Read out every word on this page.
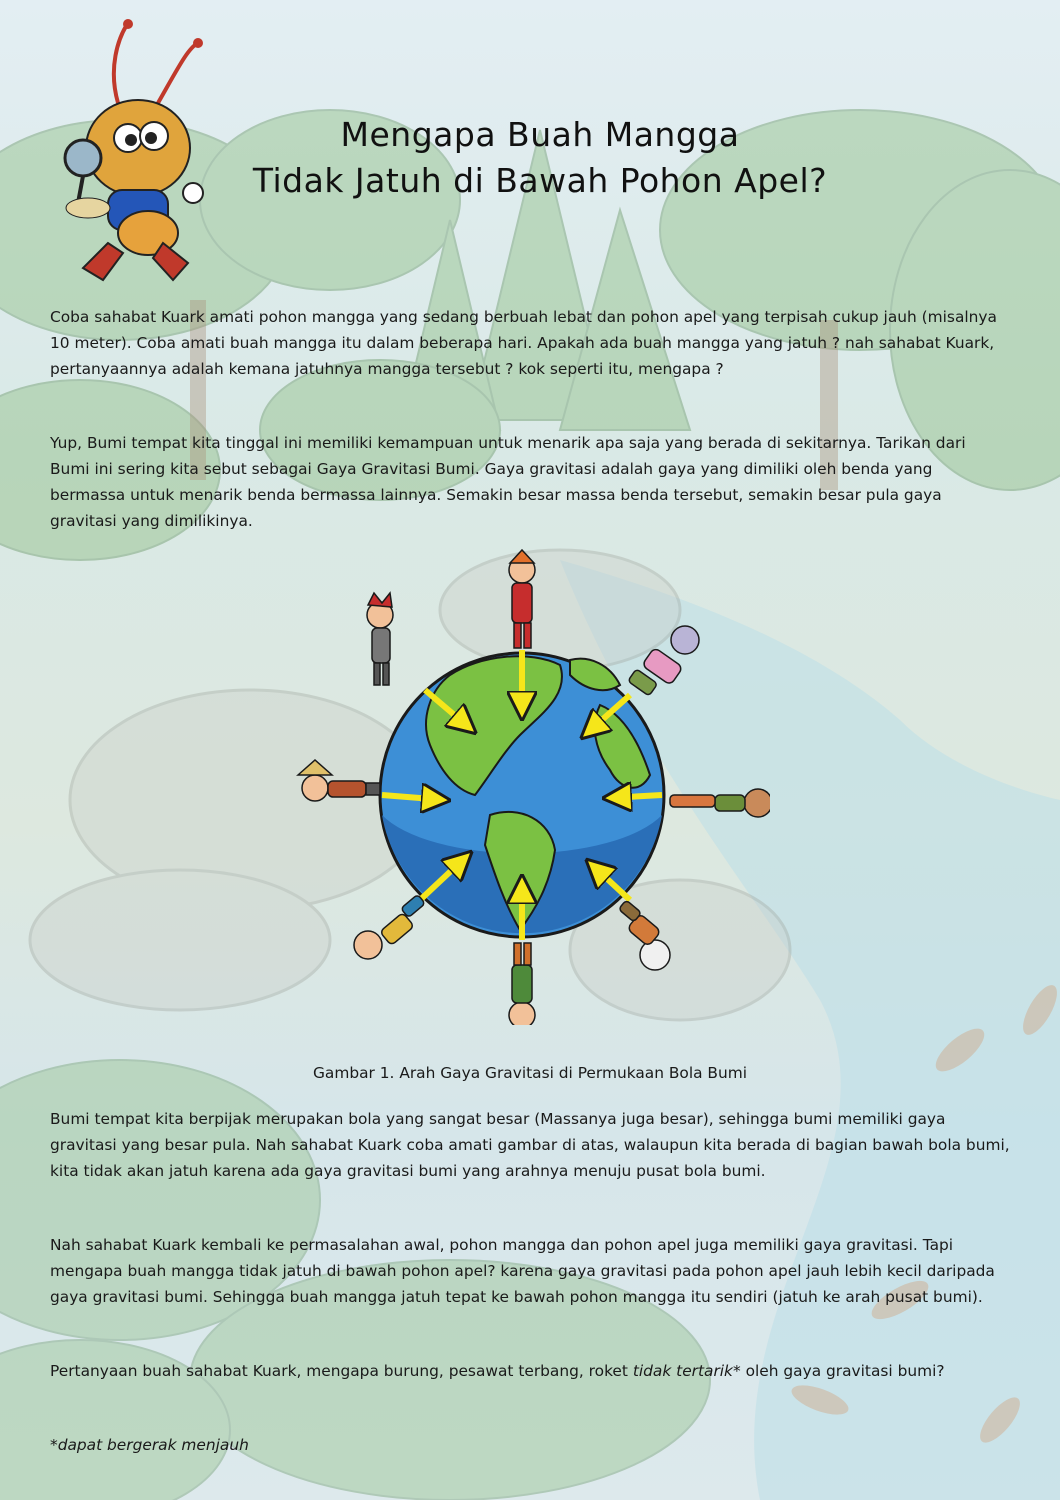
Mengapa Buah Mangga
Tidak Jatuh di Bawah Pohon Apel?

Coba sahabat Kuark amati pohon mangga yang sedang berbuah lebat dan pohon apel yang terpisah cukup jauh (misalnya 10 meter). Coba amati buah mangga itu dalam beberapa hari. Apakah ada buah mangga yang jatuh ? nah sahabat Kuark, pertanyaannya adalah kemana jatuhnya mangga tersebut ? kok seperti itu, mengapa ?

Yup, Bumi tempat kita tinggal ini memiliki kemampuan untuk menarik apa saja yang berada di sekitarnya. Tarikan dari Bumi ini sering kita sebut sebagai Gaya Gravitasi Bumi. Gaya gravitasi adalah gaya yang dimiliki oleh benda yang bermassa untuk menarik benda bermassa lainnya. Semakin besar massa benda tersebut, semakin besar pula gaya gravitasi yang dimilikinya.

Gambar 1. Arah Gaya Gravitasi di Permukaan Bola Bumi

Bumi tempat kita berpijak merupakan bola yang sangat besar (Massanya juga besar), sehingga bumi memiliki gaya gravitasi yang besar pula. Nah sahabat Kuark coba amati gambar di atas, walaupun kita berada di bagian bawah bola bumi, kita tidak akan jatuh karena ada gaya gravitasi bumi yang arahnya menuju pusat bola bumi.

Nah sahabat Kuark kembali ke permasalahan awal, pohon mangga dan pohon apel juga memiliki gaya gravitasi. Tapi mengapa buah mangga tidak jatuh di bawah pohon apel? karena gaya gravitasi pada pohon apel jauh lebih kecil daripada gaya gravitasi bumi. Sehingga buah mangga jatuh tepat ke bawah pohon mangga itu sendiri (jatuh ke arah pusat bumi).

Pertanyaan buah sahabat Kuark, mengapa burung, pesawat terbang, roket tidak tertarik* oleh gaya gravitasi bumi?

*dapat bergerak menjauh
